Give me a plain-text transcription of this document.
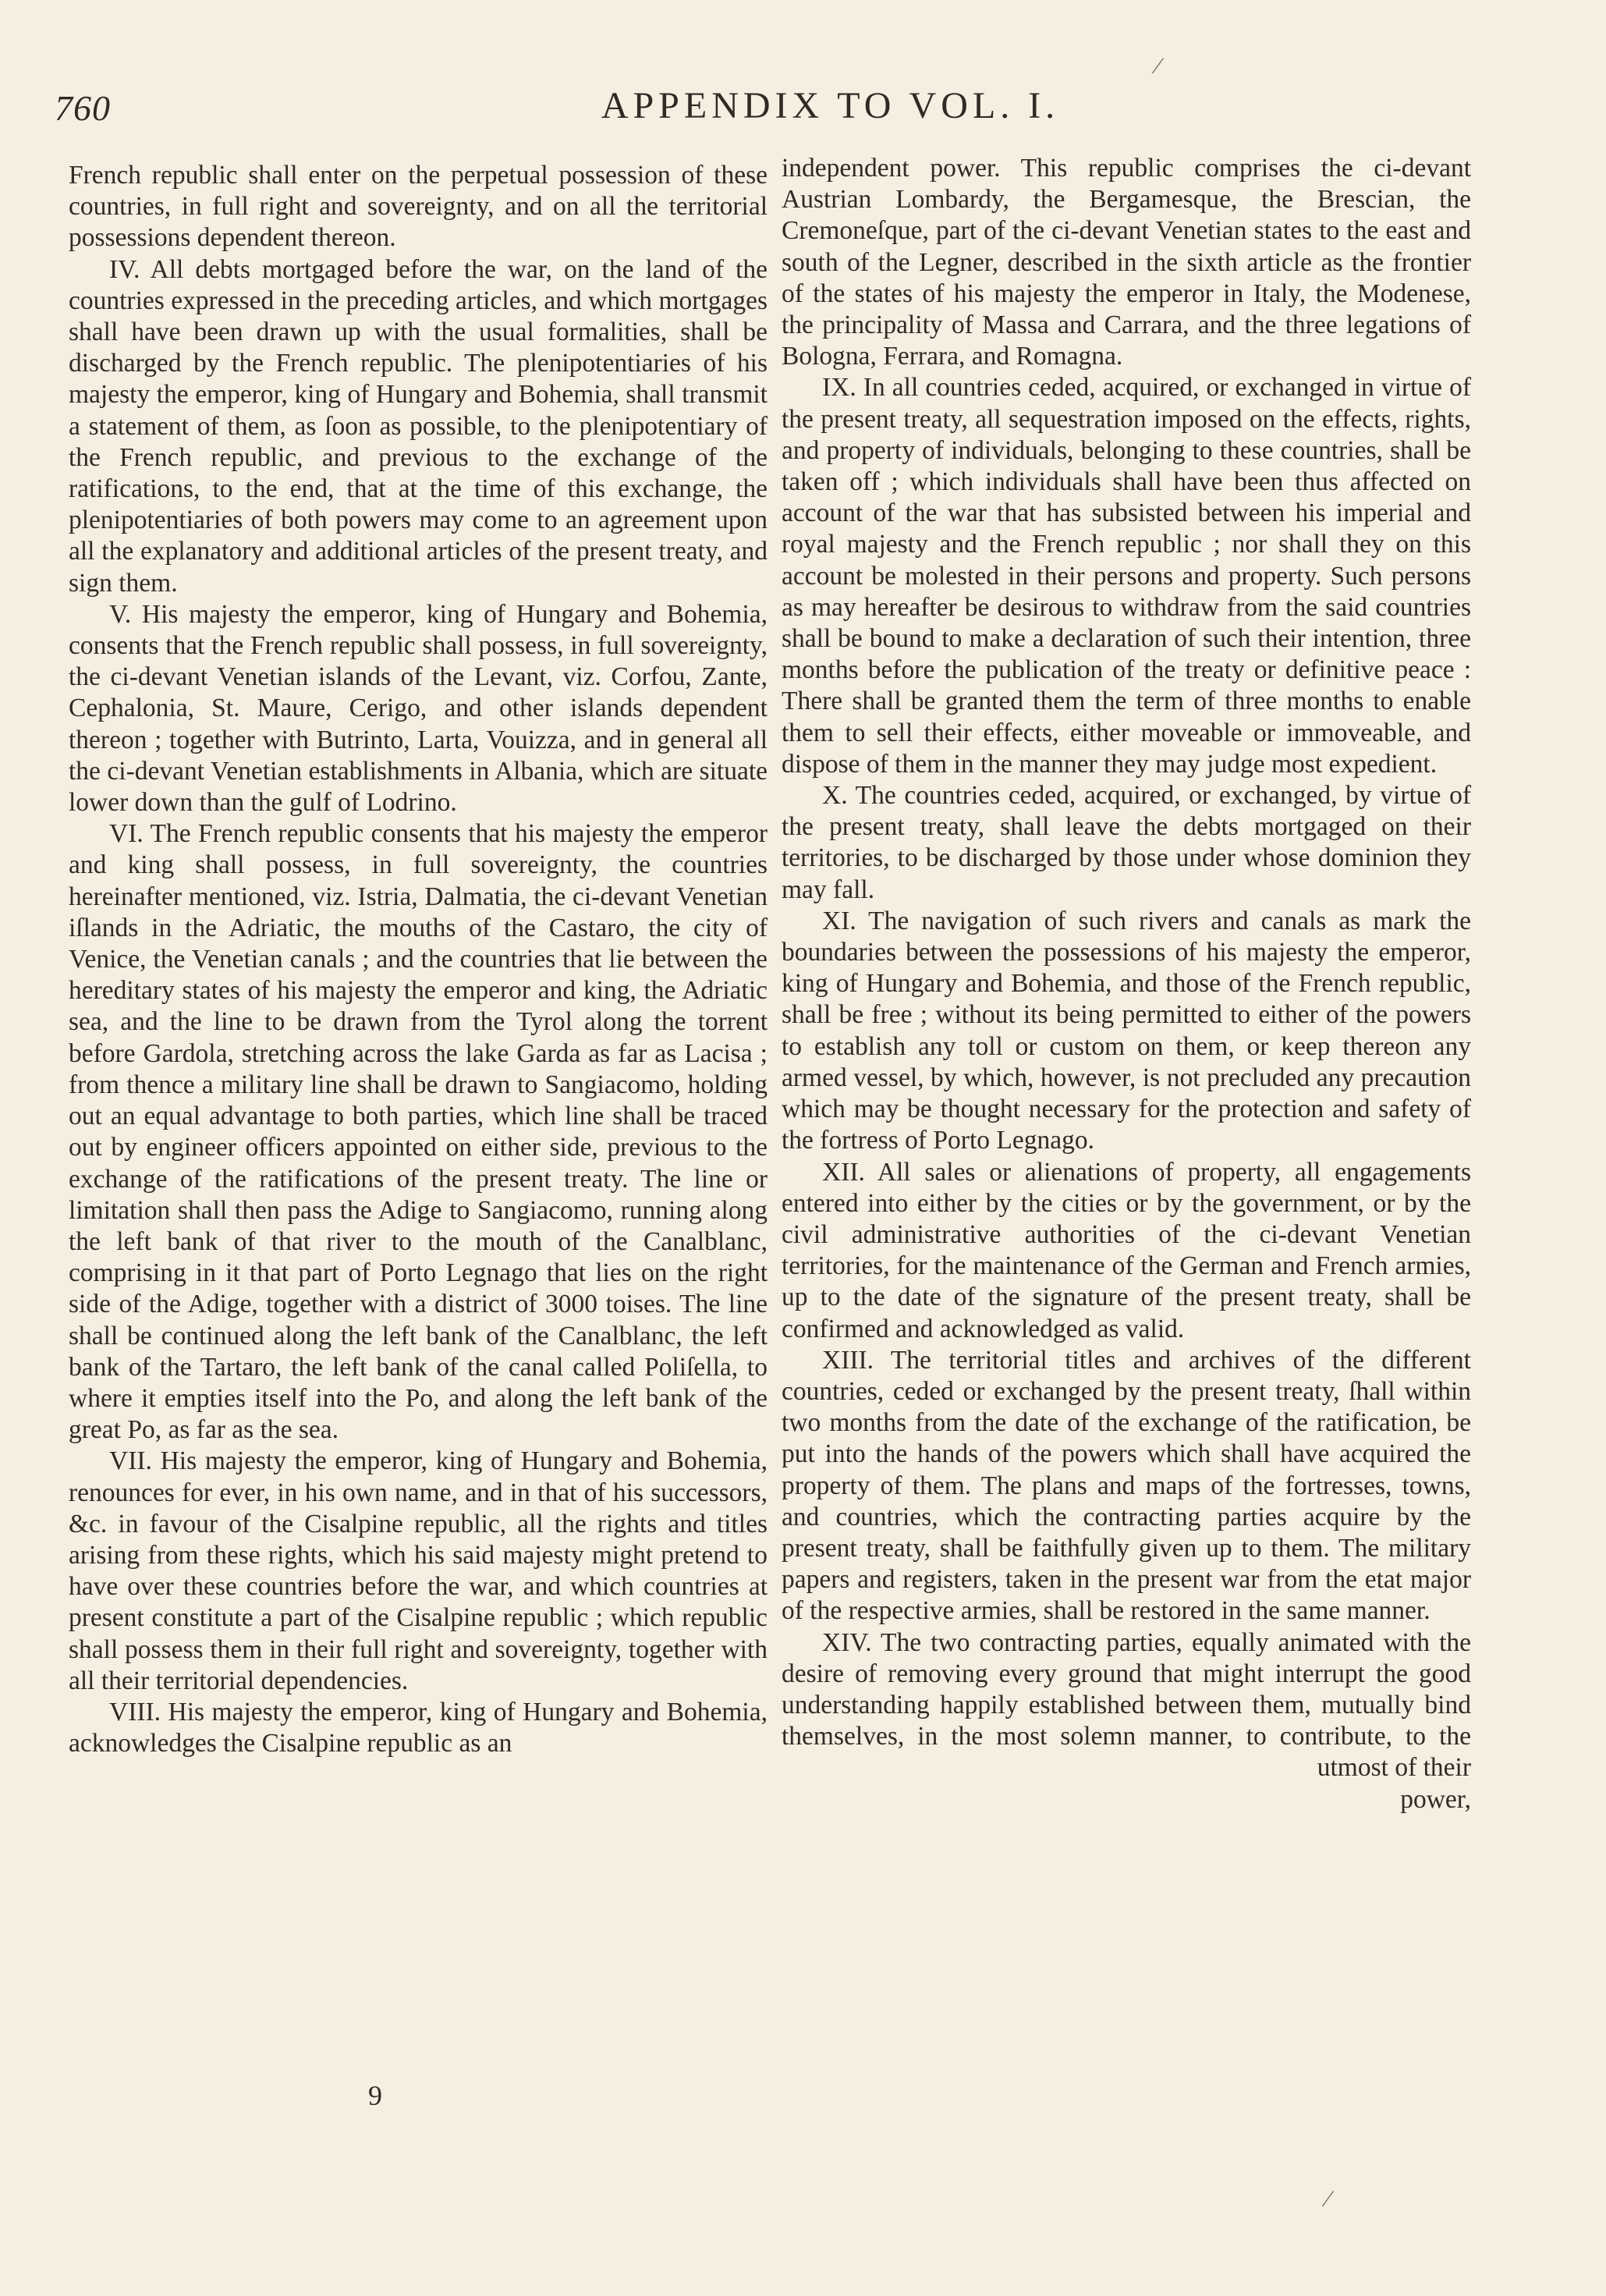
⁄
760	APPENDIX TO VOL. I.

French republic shall enter on the perpetual possession of these countries, in full right and sovereignty, and on all the territorial possessions dependent thereon.

IV. All debts mortgaged before the war, on the land of the countries expressed in the preceding articles, and which mortgages shall have been drawn up with the usual formalities, shall be discharged by the French republic. The plenipotentiaries of his majesty the emperor, king of Hungary and Bohemia, shall transmit a statement of them, as ſoon as possible, to the plenipotentiary of the French republic, and previous to the exchange of the ratifications, to the end, that at the time of this exchange, the plenipotentiaries of both powers may come to an agreement upon all the explanatory and additional articles of the present treaty, and sign them.

V. His majesty the emperor, king of Hungary and Bohemia, consents that the French republic shall possess, in full sovereignty, the ci-devant Venetian islands of the Levant, viz. Corfou, Zante, Cephalonia, St. Maure, Cerigo, and other islands dependent thereon ; together with Butrinto, Larta, Vouizza, and in general all the ci-devant Venetian establishments in Albania, which are situate lower down than the gulf of Lodrino.

VI. The French republic consents that his majesty the emperor and king shall possess, in full sovereignty, the countries hereinafter mentioned, viz. Istria, Dalmatia, the ci-devant Venetian iſlands in the Adriatic, the mouths of the Castaro, the city of Venice, the Venetian canals ; and the countries that lie between the hereditary states of his majesty the emperor and king, the Adriatic sea, and the line to be drawn from the Tyrol along the torrent before Gardola, stretching across the lake Garda as far as Lacisa ; from thence a military line shall be drawn to Sangiacomo, holding out an equal advantage to both parties, which line shall be traced out by engineer officers appointed on either side, previous to the exchange of the ratifications of the present treaty. The line or limitation shall then pass the Adige to Sangiacomo, running along the left bank of that river to the mouth of the Canalblanc, comprising in it that part of Porto Legnago that lies on the right side of the Adige, together with a district of 3000 toises. The line shall be continued along the left bank of the Canalblanc, the left bank of the Tartaro, the left bank of the canal called Poliſella, to where it empties itself into the Po, and along the left bank of the great Po, as far as the sea.

VII. His majesty the emperor, king of Hungary and Bohemia, renounces for ever, in his own name, and in that of his successors, &c. in favour of the Cisalpine republic, all the rights and titles arising from these rights, which his said majesty might pretend to have over these countries before the war, and which countries at present constitute a part of the Cisalpine republic ; which republic shall possess them in their full right and sovereignty, together with all their territorial dependencies.

VIII. His majesty the emperor, king of Hungary and Bohemia, acknowledges the Cisalpine republic as an

independent power. This republic comprises the ci-devant Austrian Lombardy, the Bergamesque, the Brescian, the Cremoneſque, part of the ci-devant Venetian states to the east and south of the Legner, described in the sixth article as the frontier of the states of his majesty the emperor in Italy, the Modenese, the principality of Massa and Carrara, and the three legations of Bologna, Ferrara, and Romagna.

IX. In all countries ceded, acquired, or exchanged in virtue of the present treaty, all sequestration imposed on the effects, rights, and property of individuals, belonging to these countries, shall be taken off ; which individuals shall have been thus affected on account of the war that has subsisted between his imperial and royal majesty and the French republic ; nor shall they on this account be molested in their persons and property. Such persons as may hereafter be desirous to withdraw from the said countries shall be bound to make a declaration of such their intention, three months before the publication of the treaty or definitive peace : There shall be granted them the term of three months to enable them to sell their effects, either moveable or immoveable, and dispose of them in the manner they may judge most expedient.

X. The countries ceded, acquired, or exchanged, by virtue of the present treaty, shall leave the debts mortgaged on their territories, to be discharged by those under whose dominion they may fall.

XI. The navigation of such rivers and canals as mark the boundaries between the possessions of his majesty the emperor, king of Hungary and Bohemia, and those of the French republic, shall be free ; without its being permitted to either of the powers to establish any toll or custom on them, or keep thereon any armed vessel, by which, however, is not precluded any precaution which may be thought necessary for the protection and safety of the fortress of Porto Legnago.

XII. All sales or alienations of property, all engagements entered into either by the cities or by the government, or by the civil administrative authorities of the ci-devant Venetian territories, for the maintenance of the German and French armies, up to the date of the signature of the present treaty, shall be confirmed and acknowledged as valid.

XIII. The territorial titles and archives of the different countries, ceded or exchanged by the present treaty, ſhall within two months from the date of the exchange of the ratification, be put into the hands of the powers which shall have acquired the property of them. The plans and maps of the fortresses, towns, and countries, which the contracting parties acquire by the present treaty, shall be faithfully given up to them. The military papers and registers, taken in the present war from the etat major of the respective armies, shall be restored in the same manner.

XIV. The two contracting parties, equally animated with the desire of removing every ground that might interrupt the good understanding happily established between them, mutually bind themselves, in the most solemn manner, to contribute, to the utmost of their

power,

9
⁄
